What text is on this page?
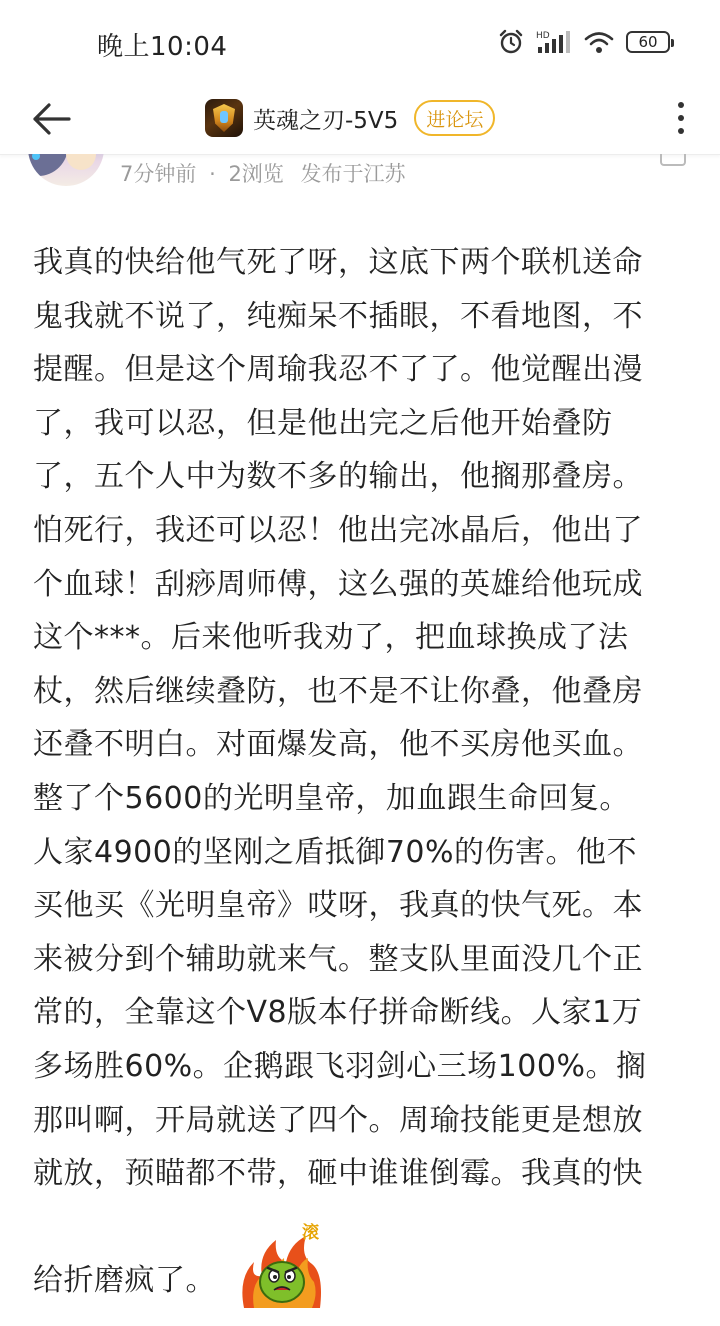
晚上10:04	HD	60
英魂之刃-5V5	进论坛
7分钟前 · 2浏览 发布于江苏
我真的快给他气死了呀，这底下两个联机送命
鬼我就不说了，纯痴呆不插眼，不看地图，不
提醒。但是这个周瑜我忍不了了。他觉醒出漫
了，我可以忍，但是他出完之后他开始叠防
了，五个人中为数不多的输出，他搁那叠房。
怕死行，我还可以忍！他出完冰晶后，他出了
个血球！刮痧周师傅，这么强的英雄给他玩成
这个***。后来他听我劝了，把血球换成了法
杖，然后继续叠防，也不是不让你叠，他叠房
还叠不明白。对面爆发高，他不买房他买血。
整了个5600的光明皇帝，加血跟生命回复。
人家4900的坚刚之盾抵御70%的伤害。他不
买他买《光明皇帝》哎呀，我真的快气死。本
来被分到个辅助就来气。整支队里面没几个正
常的，全靠这个V8版本仔拼命断线。人家1万
多场胜60%。企鹅跟飞羽剑心三场100%。搁
那叫啊，开局就送了四个。周瑜技能更是想放
就放，预瞄都不带，砸中谁谁倒霉。我真的快
给折磨疯了。
滚
